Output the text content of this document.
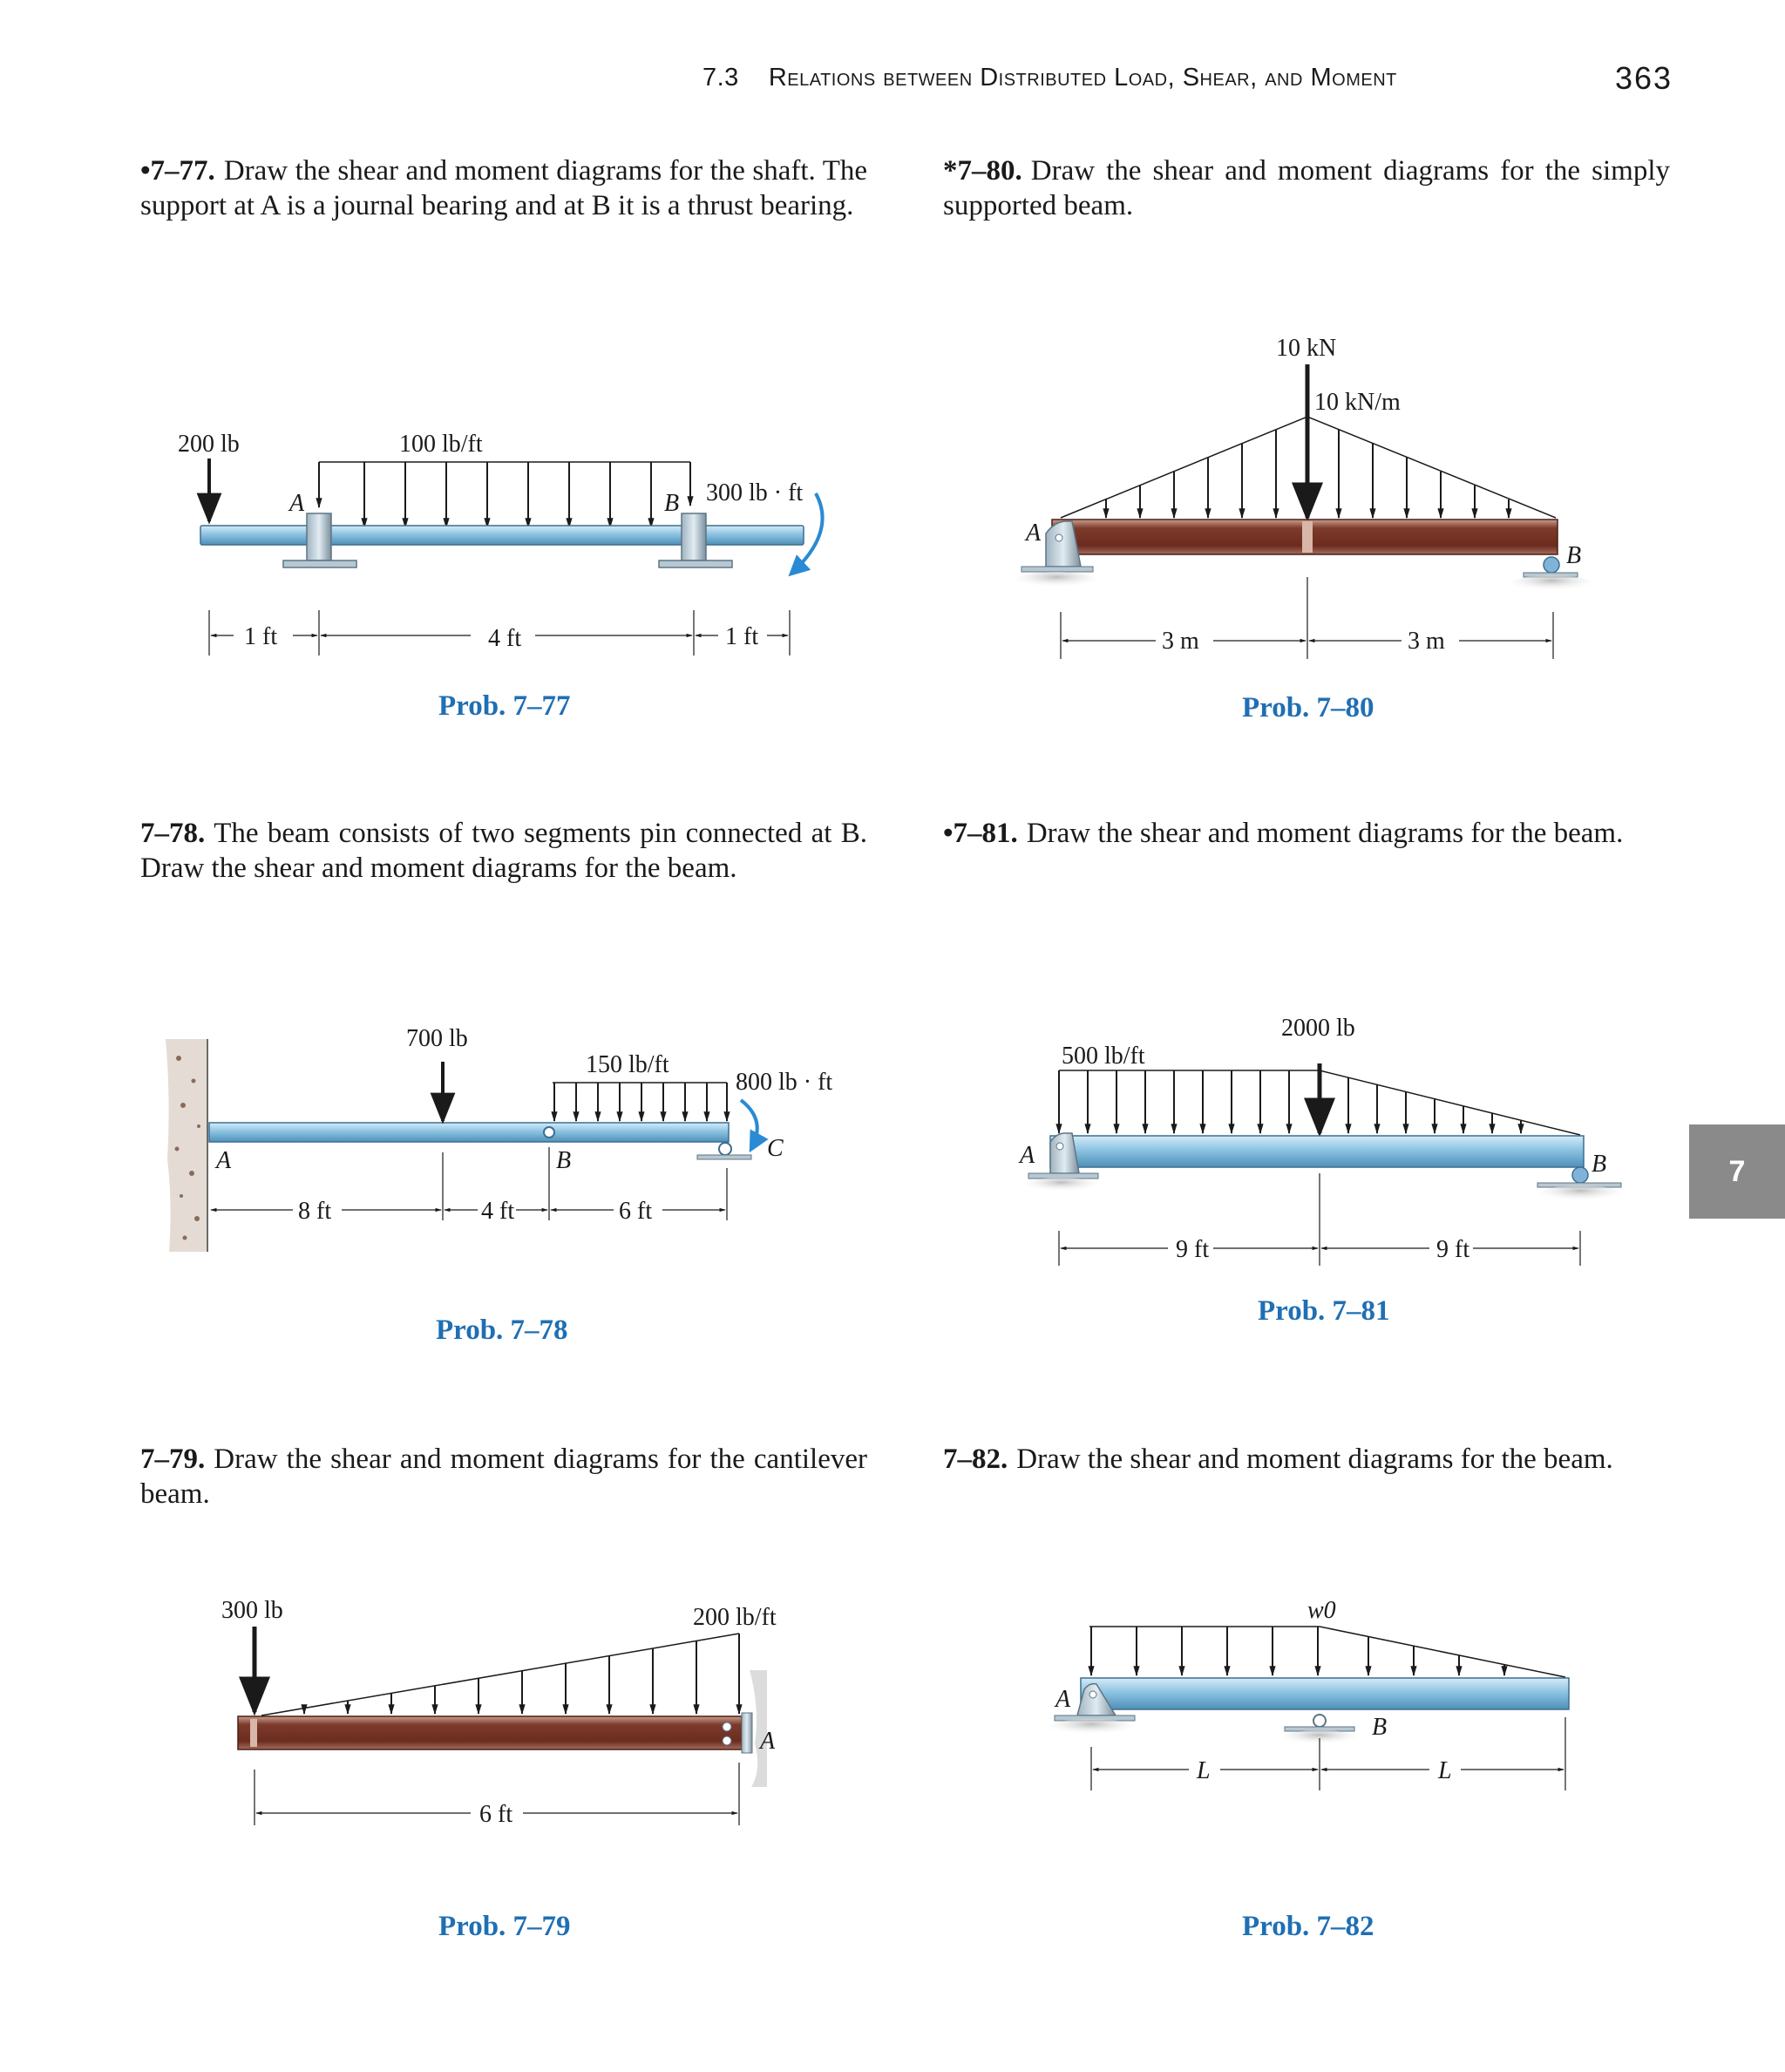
7.3 Relations between Distributed Load, Shear, and Moment	363
•7–77. Draw the shear and moment diagrams for the shaft. The support at A is a journal bearing and at B it is a thrust bearing.
*7–80. Draw the shear and moment diagrams for the simply supported beam.
7–78. The beam consists of two segments pin connected at B. Draw the shear and moment diagrams for the beam.
•7–81. Draw the shear and moment diagrams for the beam.
7–79. Draw the shear and moment diagrams for the cantilever beam.
7–82. Draw the shear and moment diagrams for the beam.
Prob. 7–77	Prob. 7–80
Prob. 7–78
Prob. 7–81
Prob. 7–79	Prob. 7–82
7
200 lb	100 lb/ft
300 lb · ft
A	B
1 ft	4 ft	1 ft
10 kN
10 kN/m
A
B
3 m	3 m
700 lb
150 lb/ft
800 lb · ft
A	B	C
8 ft	4 ft	6 ft
2000 lb
500 lb/ft
A	B
9 ft	9 ft
300 lb	200 lb/ft
A
6 ft
w0
A
B
L	L
